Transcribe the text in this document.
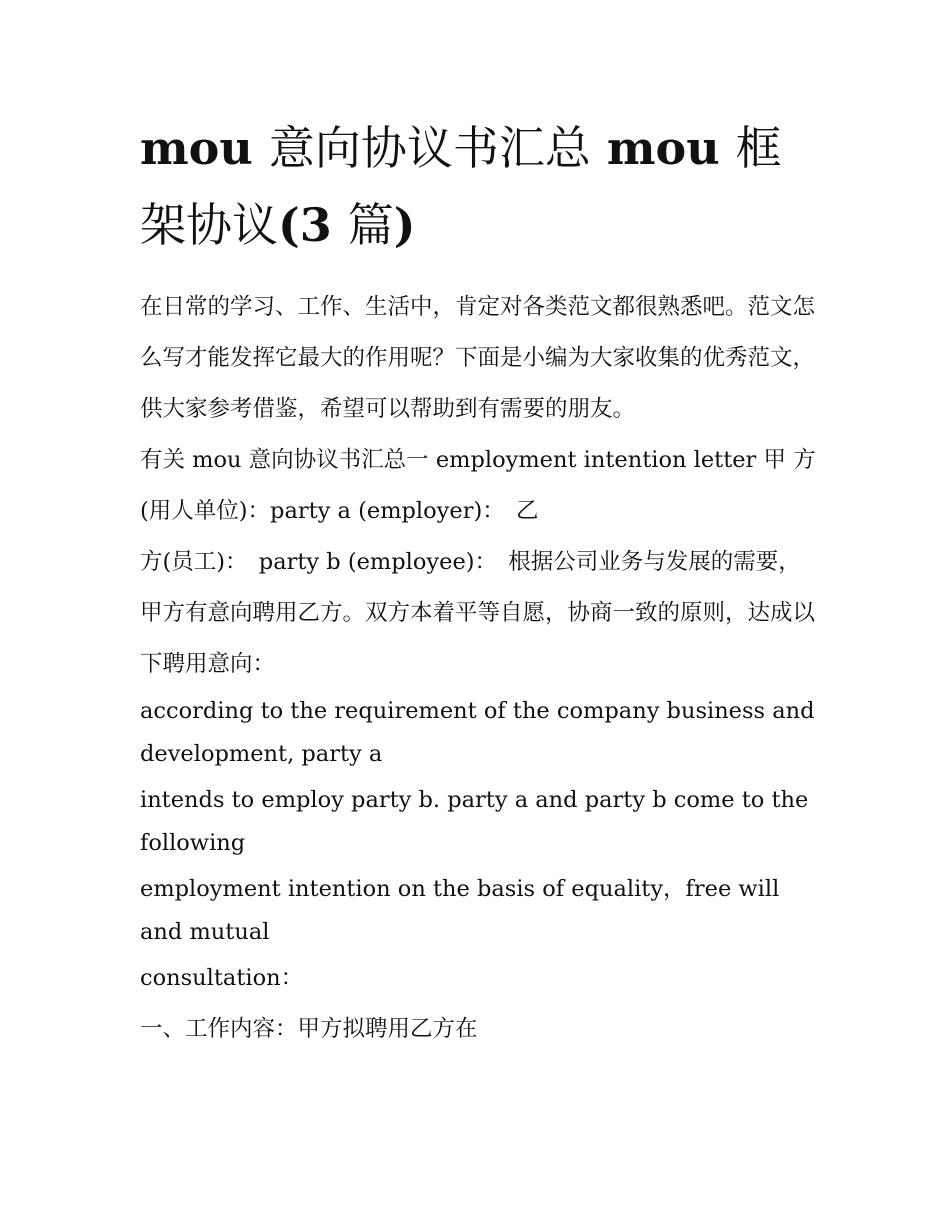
mou 意向协议书汇总 mou 框架协议(3 篇)

在日常的学习、工作、生活中，肯定对各类范文都很熟悉吧。范文怎么写才能发挥它最大的作用呢？下面是小编为大家收集的优秀范文，供大家参考借鉴，希望可以帮助到有需要的朋友。

有关 mou 意向协议书汇总一 employment intention letter 甲 方(用人单位)：party a (employer)：　乙

方(员工)：　party b (employee)：　根据公司业务与发展的需要，甲方有意向聘用乙方。双方本着平等自愿，协商一致的原则，达成以下聘用意向：

according to the requirement of the company business and development, party a

intends to employ party b. party a and party b come to the following

employment intention on the basis of equality，free will and mutual

consultation：

一、工作内容：甲方拟聘用乙方在
